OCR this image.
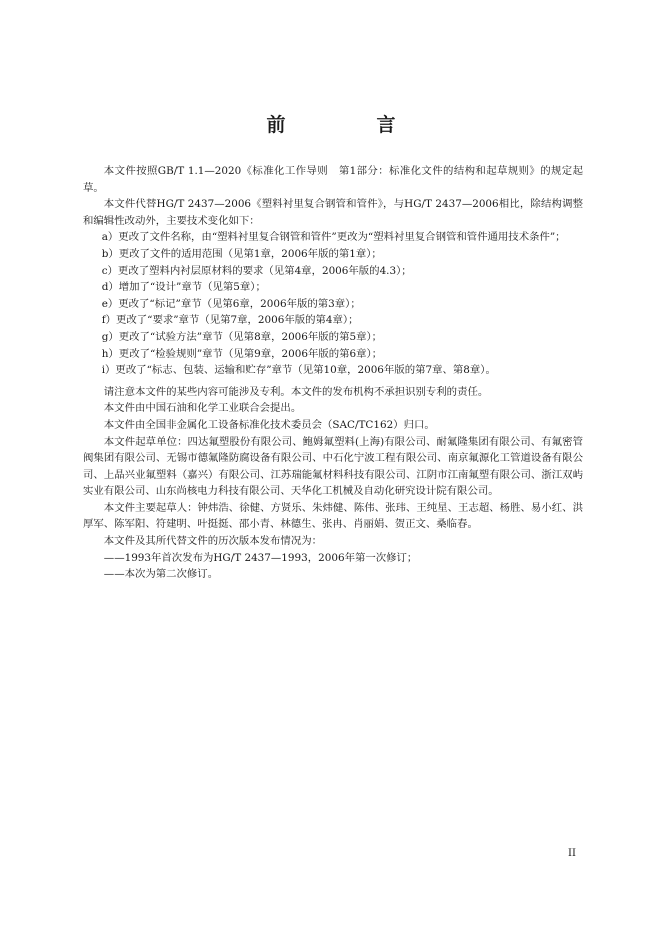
前　言

本文件按照GB/T 1.1—2020《标准化工作导则　第1部分：标准化文件的结构和起草规则》的规定起草。

本文件代替HG/T 2437—2006《塑料衬里复合钢管和管件》，与HG/T 2437—2006相比，除结构调整和编辑性改动外，主要技术变化如下：

a）更改了文件名称，由“塑料衬里复合钢管和管件”更改为“塑料衬里复合钢管和管件通用技术条件”；

b）更改了文件的适用范围（见第1章，2006年版的第1章）；

c）更改了塑料内衬层原材料的要求（见第4章，2006年版的4.3）；

d）增加了“设计”章节（见第5章）；

e）更改了“标记”章节（见第6章，2006年版的第3章）；

f）更改了“要求”章节（见第7章，2006年版的第4章）；

g）更改了“试验方法”章节（见第8章，2006年版的第5章）；

h）更改了“检验规则”章节（见第9章，2006年版的第6章）；

i）更改了“标志、包装、运输和贮存”章节（见第10章，2006年版的第7章、第8章）。

请注意本文件的某些内容可能涉及专利。本文件的发布机构不承担识别专利的责任。

本文件由中国石油和化学工业联合会提出。

本文件由全国非金属化工设备标准化技术委员会（SAC/TC162）归口。

本文件起草单位：四达氟塑股份有限公司、鲍姆氟塑料(上海)有限公司、耐氟隆集团有限公司、有氟密管阀集团有限公司、无锡市德氟隆防腐设备有限公司、中石化宁波工程有限公司、南京氟源化工管道设备有限公司、上晶兴业氟塑料（嘉兴）有限公司、江苏瑞能氟材料科技有限公司、江阴市江南氟塑有限公司、浙江双屿实业有限公司、山东尚核电力科技有限公司、天华化工机械及自动化研究设计院有限公司。

本文件主要起草人：钟炜浩、徐健、方贤乐、朱炜健、陈伟、张玮、王纯星、王志超、杨胜、易小红、洪厚军、陈军阳、符建明、叶挺挺、邵小青、林德生、张冉、肖丽娟、贺正文、桑临春。

本文件及其所代替文件的历次版本发布情况为：

——1993年首次发布为HG/T 2437—1993，2006年第一次修订；

——本次为第二次修订。

II
